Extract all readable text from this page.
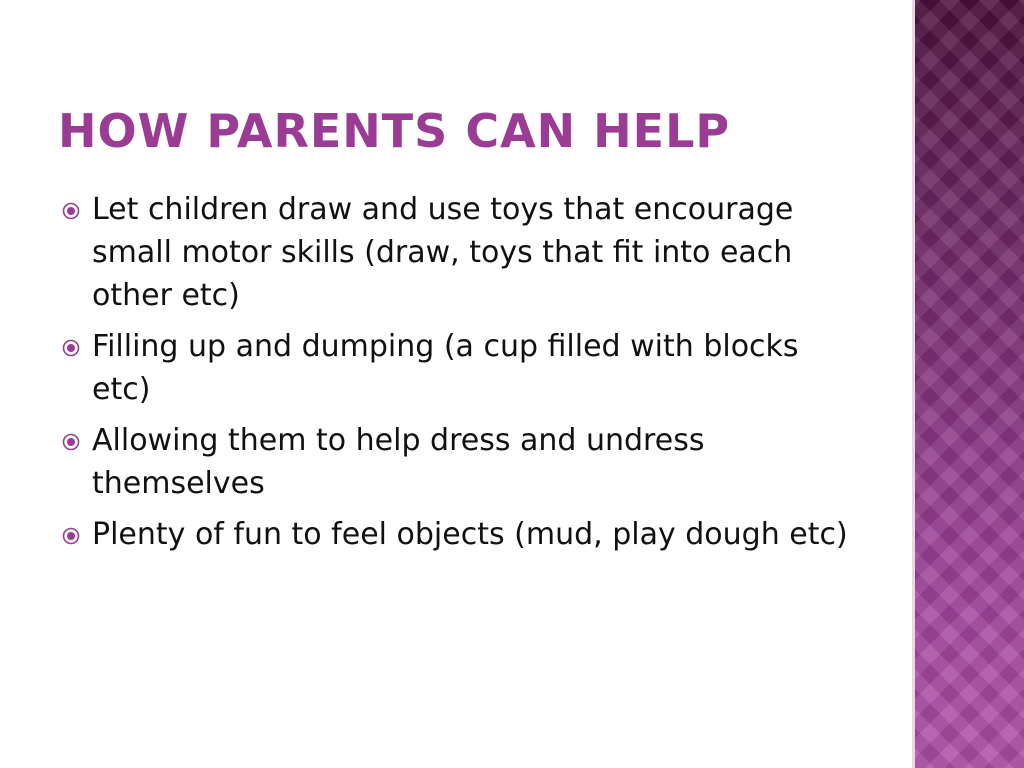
HOW PARENTS CAN HELP
Let children draw and use toys that encourage small motor skills (draw, toys that fit into each other etc)
Filling up and dumping (a cup filled with blocks etc)
Allowing them to help dress and undress themselves
Plenty of fun to feel objects (mud, play dough etc)
